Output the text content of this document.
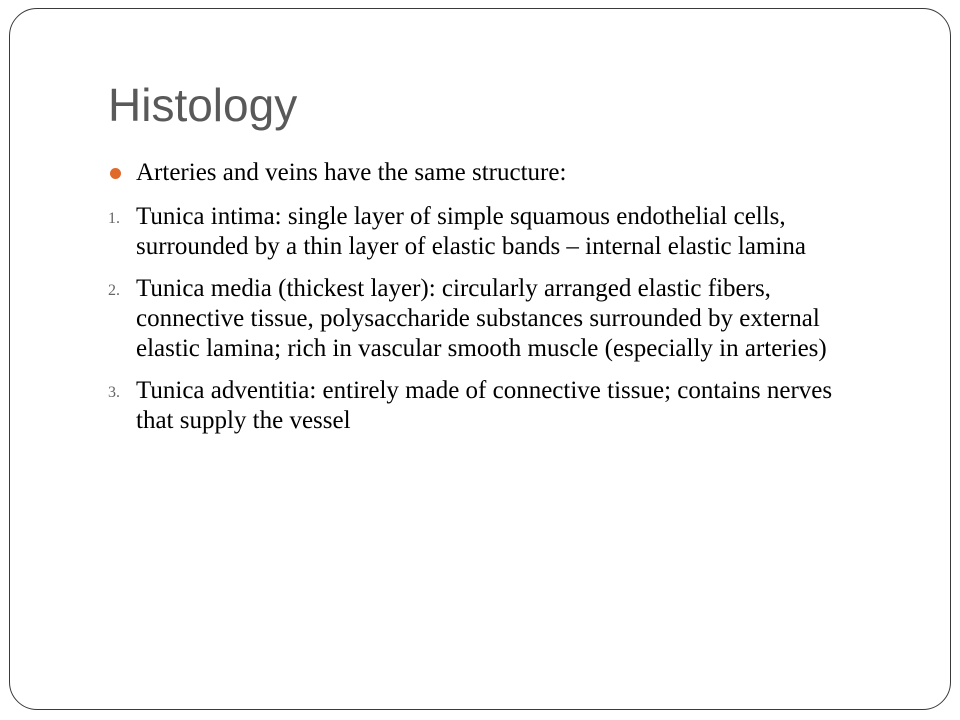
Histology
Arteries and veins have the same structure:
1. Tunica intima: single layer of simple squamous endothelial cells, surrounded by a thin layer of elastic bands – internal elastic lamina
2. Tunica media (thickest layer): circularly arranged elastic fibers, connective tissue, polysaccharide substances surrounded by external elastic lamina; rich in vascular smooth muscle (especially in arteries)
3. Tunica adventitia: entirely made of connective tissue; contains nerves that supply the vessel
